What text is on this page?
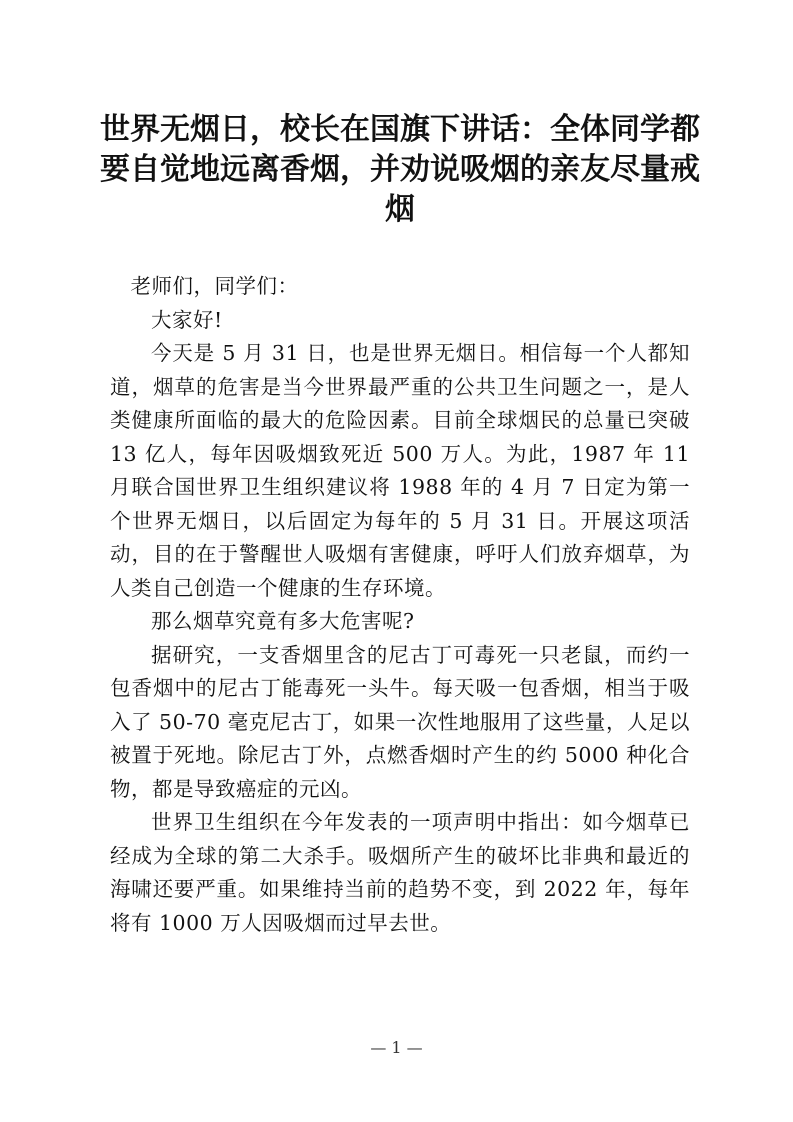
世界无烟日，校长在国旗下讲话：全体同学都要自觉地远离香烟，并劝说吸烟的亲友尽量戒烟

老师们，同学们：

大家好!

今天是 5 月 31 日，也是世界无烟日。相信每一个人都知道，烟草的危害是当今世界最严重的公共卫生问题之一，是人类健康所面临的最大的危险因素。目前全球烟民的总量已突破 13 亿人，每年因吸烟致死近 500 万人。为此，1987 年 11 月联合国世界卫生组织建议将 1988 年的 4 月 7 日定为第一个世界无烟日，以后固定为每年的 5 月 31 日。开展这项活动，目的在于警醒世人吸烟有害健康，呼吁人们放弃烟草，为人类自己创造一个健康的生存环境。

那么烟草究竟有多大危害呢?

据研究，一支香烟里含的尼古丁可毒死一只老鼠，而约一包香烟中的尼古丁能毒死一头牛。每天吸一包香烟，相当于吸入了 50-70 毫克尼古丁，如果一次性地服用了这些量，人足以被置于死地。除尼古丁外，点燃香烟时产生的约 5000 种化合物，都是导致癌症的元凶。

世界卫生组织在今年发表的一项声明中指出：如今烟草已经成为全球的第二大杀手。吸烟所产生的破坏比非典和最近的海啸还要严重。如果维持当前的趋势不变，到 2022 年，每年将有 1000 万人因吸烟而过早去世。

— 1 —
